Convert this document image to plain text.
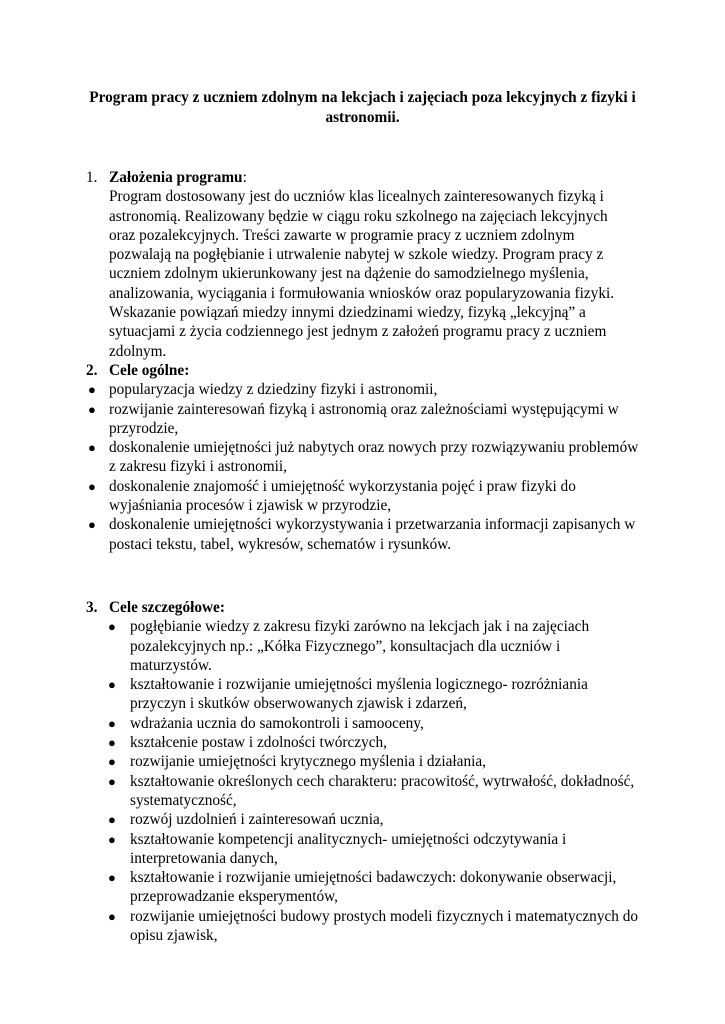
Program pracy z uczniem zdolnym na lekcjach i zajęciach poza lekcyjnych z fizyki i astronomii.
1. Założenia programu:
Program dostosowany jest do uczniów klas licealnych zainteresowanych fizyką i astronomią. Realizowany będzie w ciągu roku szkolnego na zajęciach lekcyjnych oraz pozalekcyjnych. Treści zawarte w programie pracy z uczniem zdolnym pozwalają na pogłębianie i utrwalenie nabytej w szkole wiedzy. Program pracy z uczniem zdolnym ukierunkowany jest na dążenie do samodzielnego myślenia, analizowania, wyciągania i formułowania wniosków oraz popularyzowania fizyki. Wskazanie powiązań miedzy innymi dziedzinami wiedzy, fizyką „lekcyjną” a sytuacjami z życia codziennego jest jednym z założeń programu pracy z uczniem zdolnym.
2. Cele ogólne:
● popularyzacja wiedzy z dziedziny fizyki i astronomii,
● rozwijanie zainteresowań fizyką i astronomią oraz zależnościami występującymi w przyrodzie,
● doskonalenie umiejętności już nabytych oraz nowych przy rozwiązywaniu problemów z zakresu fizyki i astronomii,
● doskonalenie znajomość i umiejętność wykorzystania pojęć i praw fizyki do wyjaśniania procesów i zjawisk w przyrodzie,
● doskonalenie umiejętności wykorzystywania i przetwarzania informacji zapisanych w postaci tekstu, tabel, wykresów, schematów i rysunków.
3. Cele szczegółowe:
● pogłębianie wiedzy z zakresu fizyki zarówno na lekcjach jak i na zajęciach pozalekcyjnych np.: „Kółka Fizycznego”, konsultacjach dla uczniów i maturzystów.
● kształtowanie i rozwijanie umiejętności myślenia logicznego- rozróżniania przyczyn i skutków obserwowanych zjawisk i zdarzeń,
● wdrażania ucznia do samokontroli i samooceny,
● kształcenie postaw i zdolności twórczych,
● rozwijanie umiejętności krytycznego myślenia i działania,
● kształtowanie określonych cech charakteru: pracowitość, wytrwałość, dokładność, systematyczność,
● rozwój uzdolnień i zainteresowań ucznia,
● kształtowanie kompetencji analitycznych- umiejętności odczytywania i interpretowania danych,
● kształtowanie i rozwijanie umiejętności badawczych: dokonywanie obserwacji, przeprowadzanie eksperymentów,
● rozwijanie umiejętności budowy prostych modeli fizycznych i matematycznych do opisu zjawisk,
